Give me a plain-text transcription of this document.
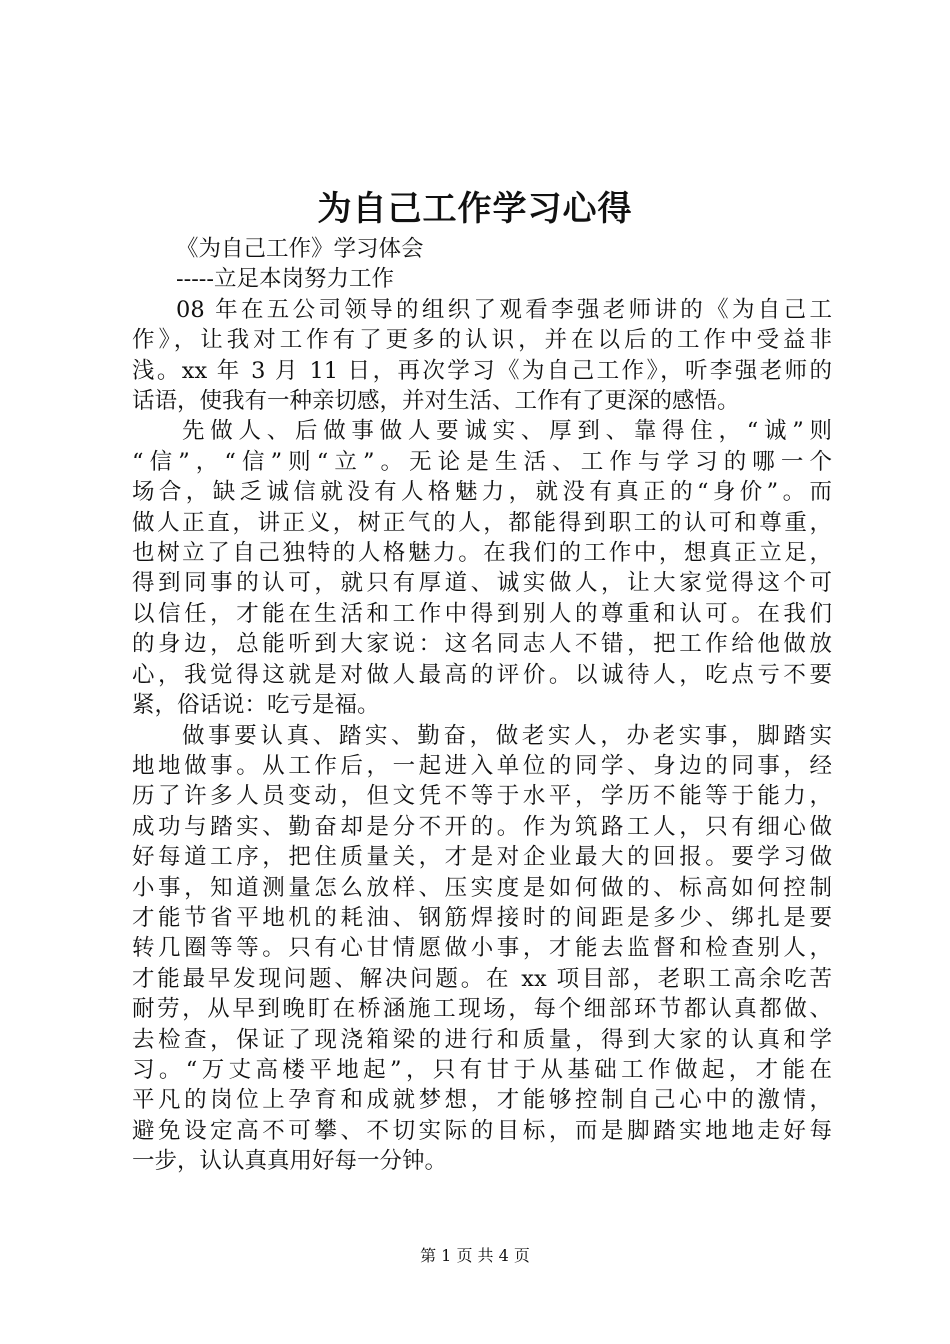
为自己工作学习心得
《为自己工作》学习体会
-----立足本岗努力工作
08 年在五公司领导的组织了观看李强老师讲的《为自己工
作》，让我对工作有了更多的认识，并在以后的工作中受益非
浅。xx 年 3 月 11 日，再次学习《为自己工作》，听李强老师的
话语，使我有一种亲切感，并对生活、工作有了更深的感悟。
先做人、后做事做人要诚实、厚到、靠得住，“诚”则
“信”，“信”则“立”。无论是生活、工作与学习的哪一个
场合，缺乏诚信就没有人格魅力，就没有真正的“身价”。而
做人正直，讲正义，树正气的人，都能得到职工的认可和尊重，
也树立了自己独特的人格魅力。在我们的工作中，想真正立足，
得到同事的认可，就只有厚道、诚实做人，让大家觉得这个可
以信任，才能在生活和工作中得到别人的尊重和认可。在我们
的身边，总能听到大家说：这名同志人不错，把工作给他做放
心，我觉得这就是对做人最高的评价。以诚待人，吃点亏不要
紧，俗话说：吃亏是福。
做事要认真、踏实、勤奋，做老实人，办老实事，脚踏实
地地做事。从工作后，一起进入单位的同学、身边的同事，经
历了许多人员变动，但文凭不等于水平，学历不能等于能力，
成功与踏实、勤奋却是分不开的。作为筑路工人，只有细心做
好每道工序，把住质量关，才是对企业最大的回报。要学习做
小事，知道测量怎么放样、压实度是如何做的、标高如何控制
才能节省平地机的耗油、钢筋焊接时的间距是多少、绑扎是要
转几圈等等。只有心甘情愿做小事，才能去监督和检查别人，
才能最早发现问题、解决问题。在 xx 项目部，老职工高余吃苦
耐劳，从早到晚盯在桥涵施工现场，每个细部环节都认真都做、
去检查，保证了现浇箱梁的进行和质量，得到大家的认真和学
习。“万丈高楼平地起”，只有甘于从基础工作做起，才能在
平凡的岗位上孕育和成就梦想，才能够控制自己心中的激情，
避免设定高不可攀、不切实际的目标，而是脚踏实地地走好每
一步，认认真真用好每一分钟。
第 1 页 共 4 页
